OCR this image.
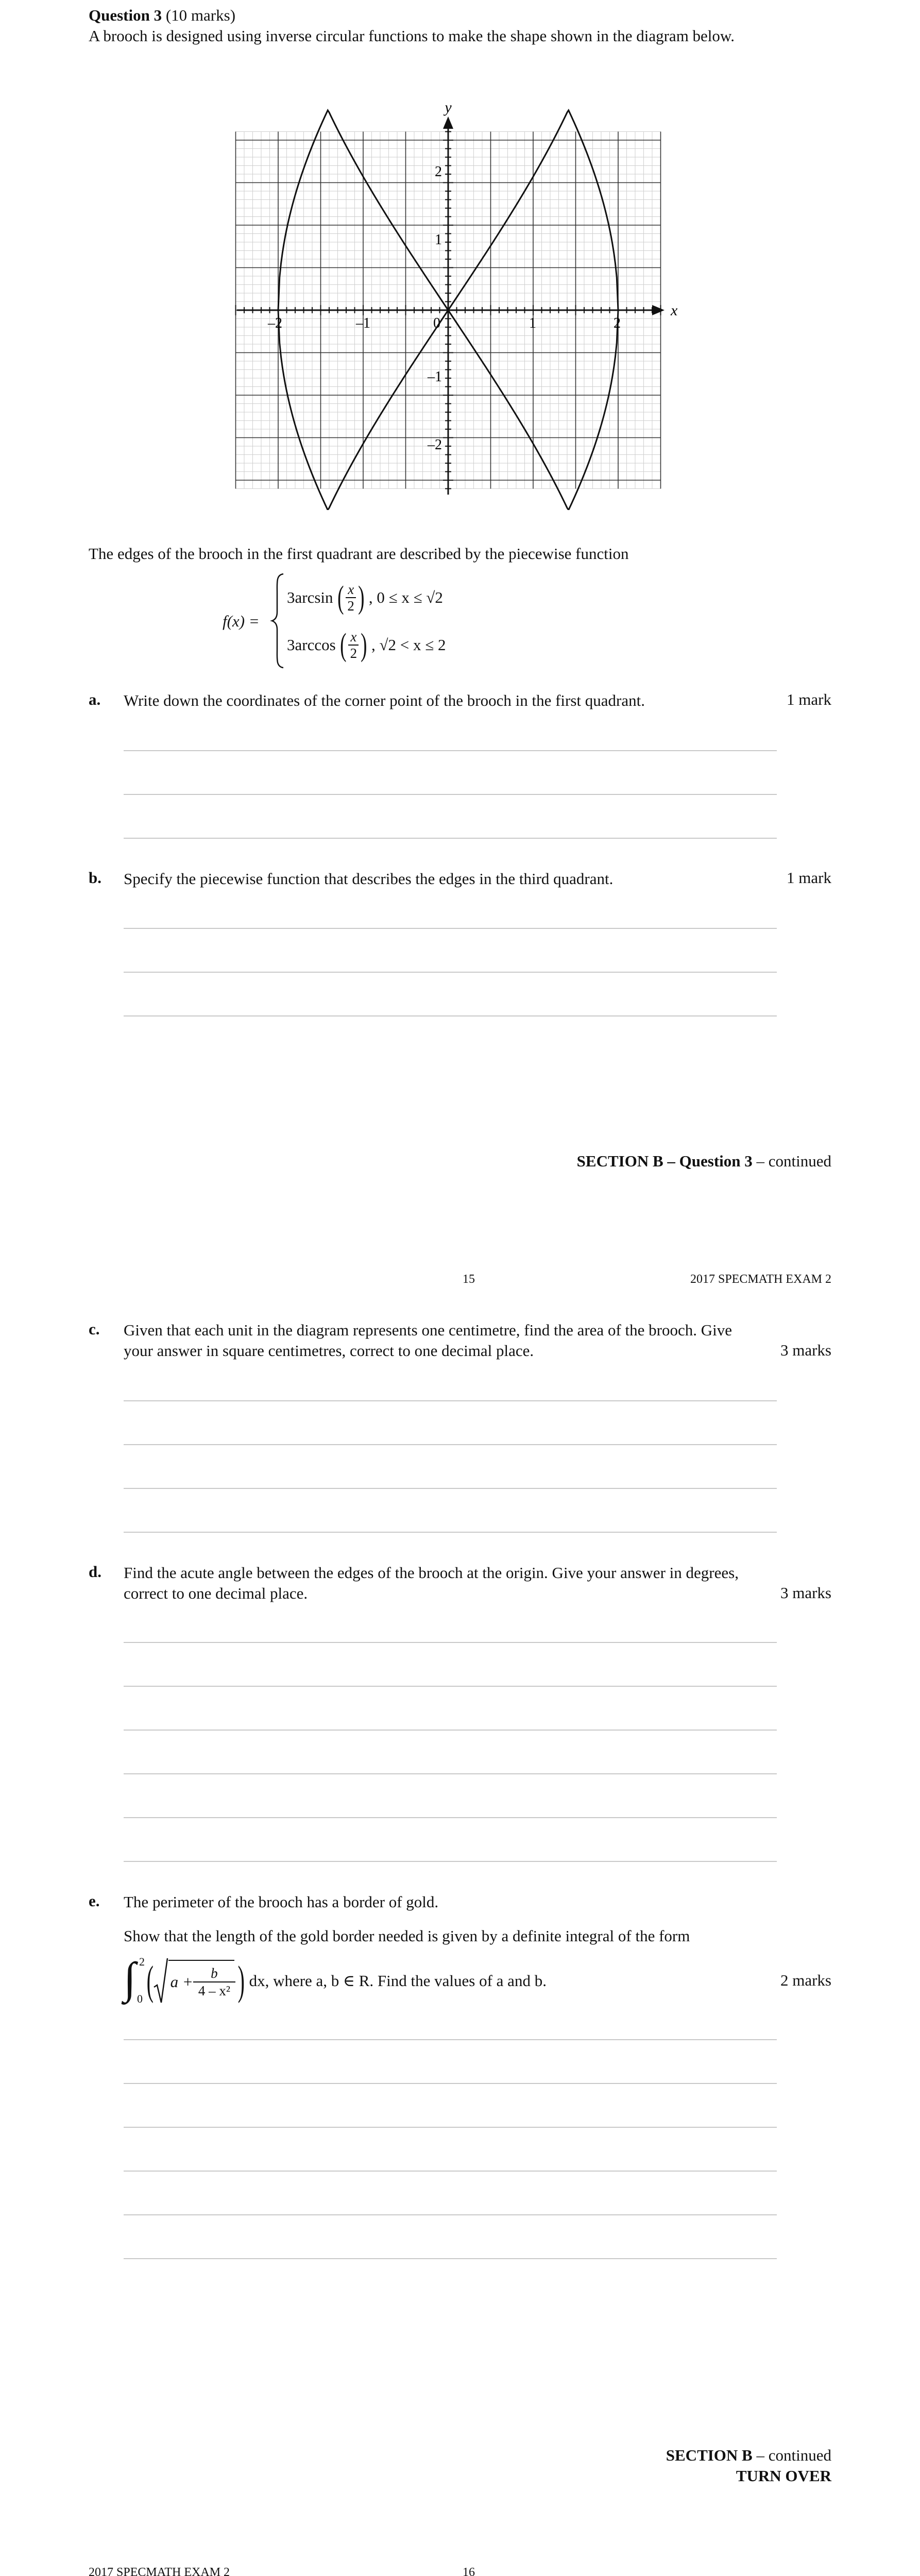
Question 3 (10 marks)
A brooch is designed using inverse circular functions to make the shape shown in the diagram below.
y
x
0
–2	–1	1	2
2
1
–1
–2
The edges of the brooch in the first quadrant are described by the piecewise function
f(x) =
3arcsin ( $\frac{x}{2}$ ) , 0 ≤ x ≤ √2
3arccos ( $\frac{x}{2}$ ) , √2 < x ≤ 2
a. Write down the coordinates of the corner point of the brooch in the first quadrant.	1 mark
b. Specify the piecewise function that describes the edges in the third quadrant.	1 mark
SECTION B – Question 3 – continued
15	2017 SPECMATH EXAM 2
c. Given that each unit in the diagram represents one centimetre, find the area of the brooch. Give your answer in square centimetres, correct to one decimal place.	3 marks
d. Find the acute angle between the edges of the brooch at the origin. Give your answer in degrees, correct to one decimal place.	3 marks
e. The perimeter of the brooch has a border of gold.
Show that the length of the gold border needed is given by a definite integral of the form
∫ 2
0 ( $a + \frac{b}{\text{4 – x²}}$ ) dx, where a, b ∈ R. Find the values of a and b.	2 marks
SECTION B – continued
TURN OVER
2017 SPECMATH EXAM 2	16
